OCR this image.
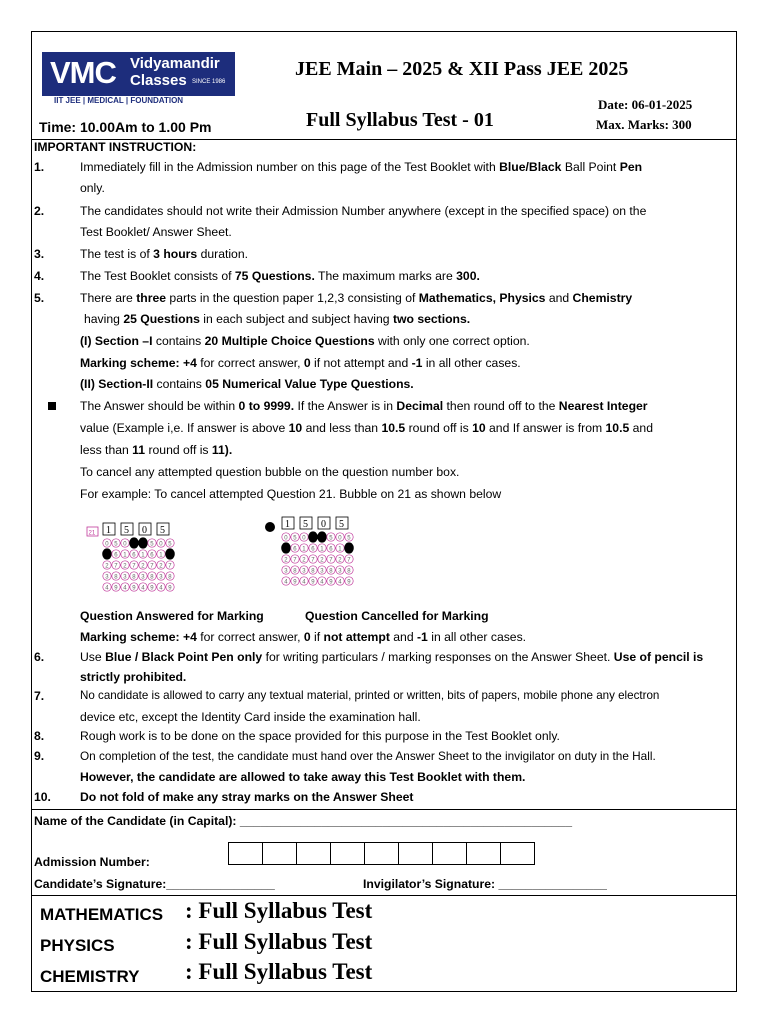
VMC Vidyamandir
Classes SINCE 1986
IIT JEE | MEDICAL | FOUNDATION
JEE Main – 2025 & XII Pass JEE 2025
Date: 06-01-2025
Full Syllabus Test - 01	Max. Marks: 300
Time: 10.00Am to 1.00 Pm
IMPORTANT INSTRUCTION:
1.	Immediately fill in the Admission number on this page of the Test Booklet with Blue/Black Ball Point Pen
only.
2.	The candidates should not write their Admission Number anywhere (except in the specified space) on the
Test Booklet/ Answer Sheet.
3.	The test is of 3 hours duration.
4.	The Test Booklet consists of 75 Questions. The maximum marks are 300.
5.	There are three parts in the question paper 1,2,3 consisting of Mathematics, Physics and Chemistry
having 25 Questions in each subject and subject having two sections.
(I) Section –I contains 20 Multiple Choice Questions with only one correct option.
Marking scheme: +4 for correct answer, 0 if not attempt and -1 in all other cases.
(II) Section-II contains 05 Numerical Value Type Questions.
The Answer should be within 0 to 9999. If the Answer is in Decimal then round off to the Nearest Integer
value (Example i,e. If answer is above 10 and less than 10.5 round off is 10 and If answer is from 10.5 and
less than 11 round off is 11).
To cancel any attempted question bubble on the question number box.
For example: To cancel attempted Question 21. Bubble on 21 as shown below
21 1 5 0 5
0 5 0	5 0 5
6 1 6 1 6 1
2 7 2 7 2 7 2 7
3 8 3 8 3 8 3 8
4 9 4 9 4 9 4 9
1 5 0 5
0 5 0	5 0 5
6 1 6 1 6 1
2 7 2 7 2 7 2 7
3 8 3 8 3 8 3 8
4 9 4 9 4 9 4 9
Question Answered for Marking	Question Cancelled for Marking
Marking scheme: +4 for correct answer, 0 if not attempt and -1 in all other cases.
6.	Use Blue / Black Point Pen only for writing particulars / marking responses on the Answer Sheet. Use of pencil is
strictly prohibited.
7.	No candidate is allowed to carry any textual material, printed or written, bits of papers, mobile phone any electron
device etc, except the Identity Card inside the examination hall.
8.	Rough work is to be done on the space provided for this purpose in the Test Booklet only.
9.	On completion of the test, the candidate must hand over the Answer Sheet to the invigilator on duty in the Hall.
However, the candidate are allowed to take away this Test Booklet with them.
10. Do not fold of make any stray marks on the Answer Sheet
Name of the Candidate (in Capital): _________________________________________________
Admission Number:
Candidate’s Signature:________________	Invigilator’s Signature: ________________
MATHEMATICS : Full Syllabus Test
PHYSICS	: Full Syllabus Test
CHEMISTRY : Full Syllabus Test
